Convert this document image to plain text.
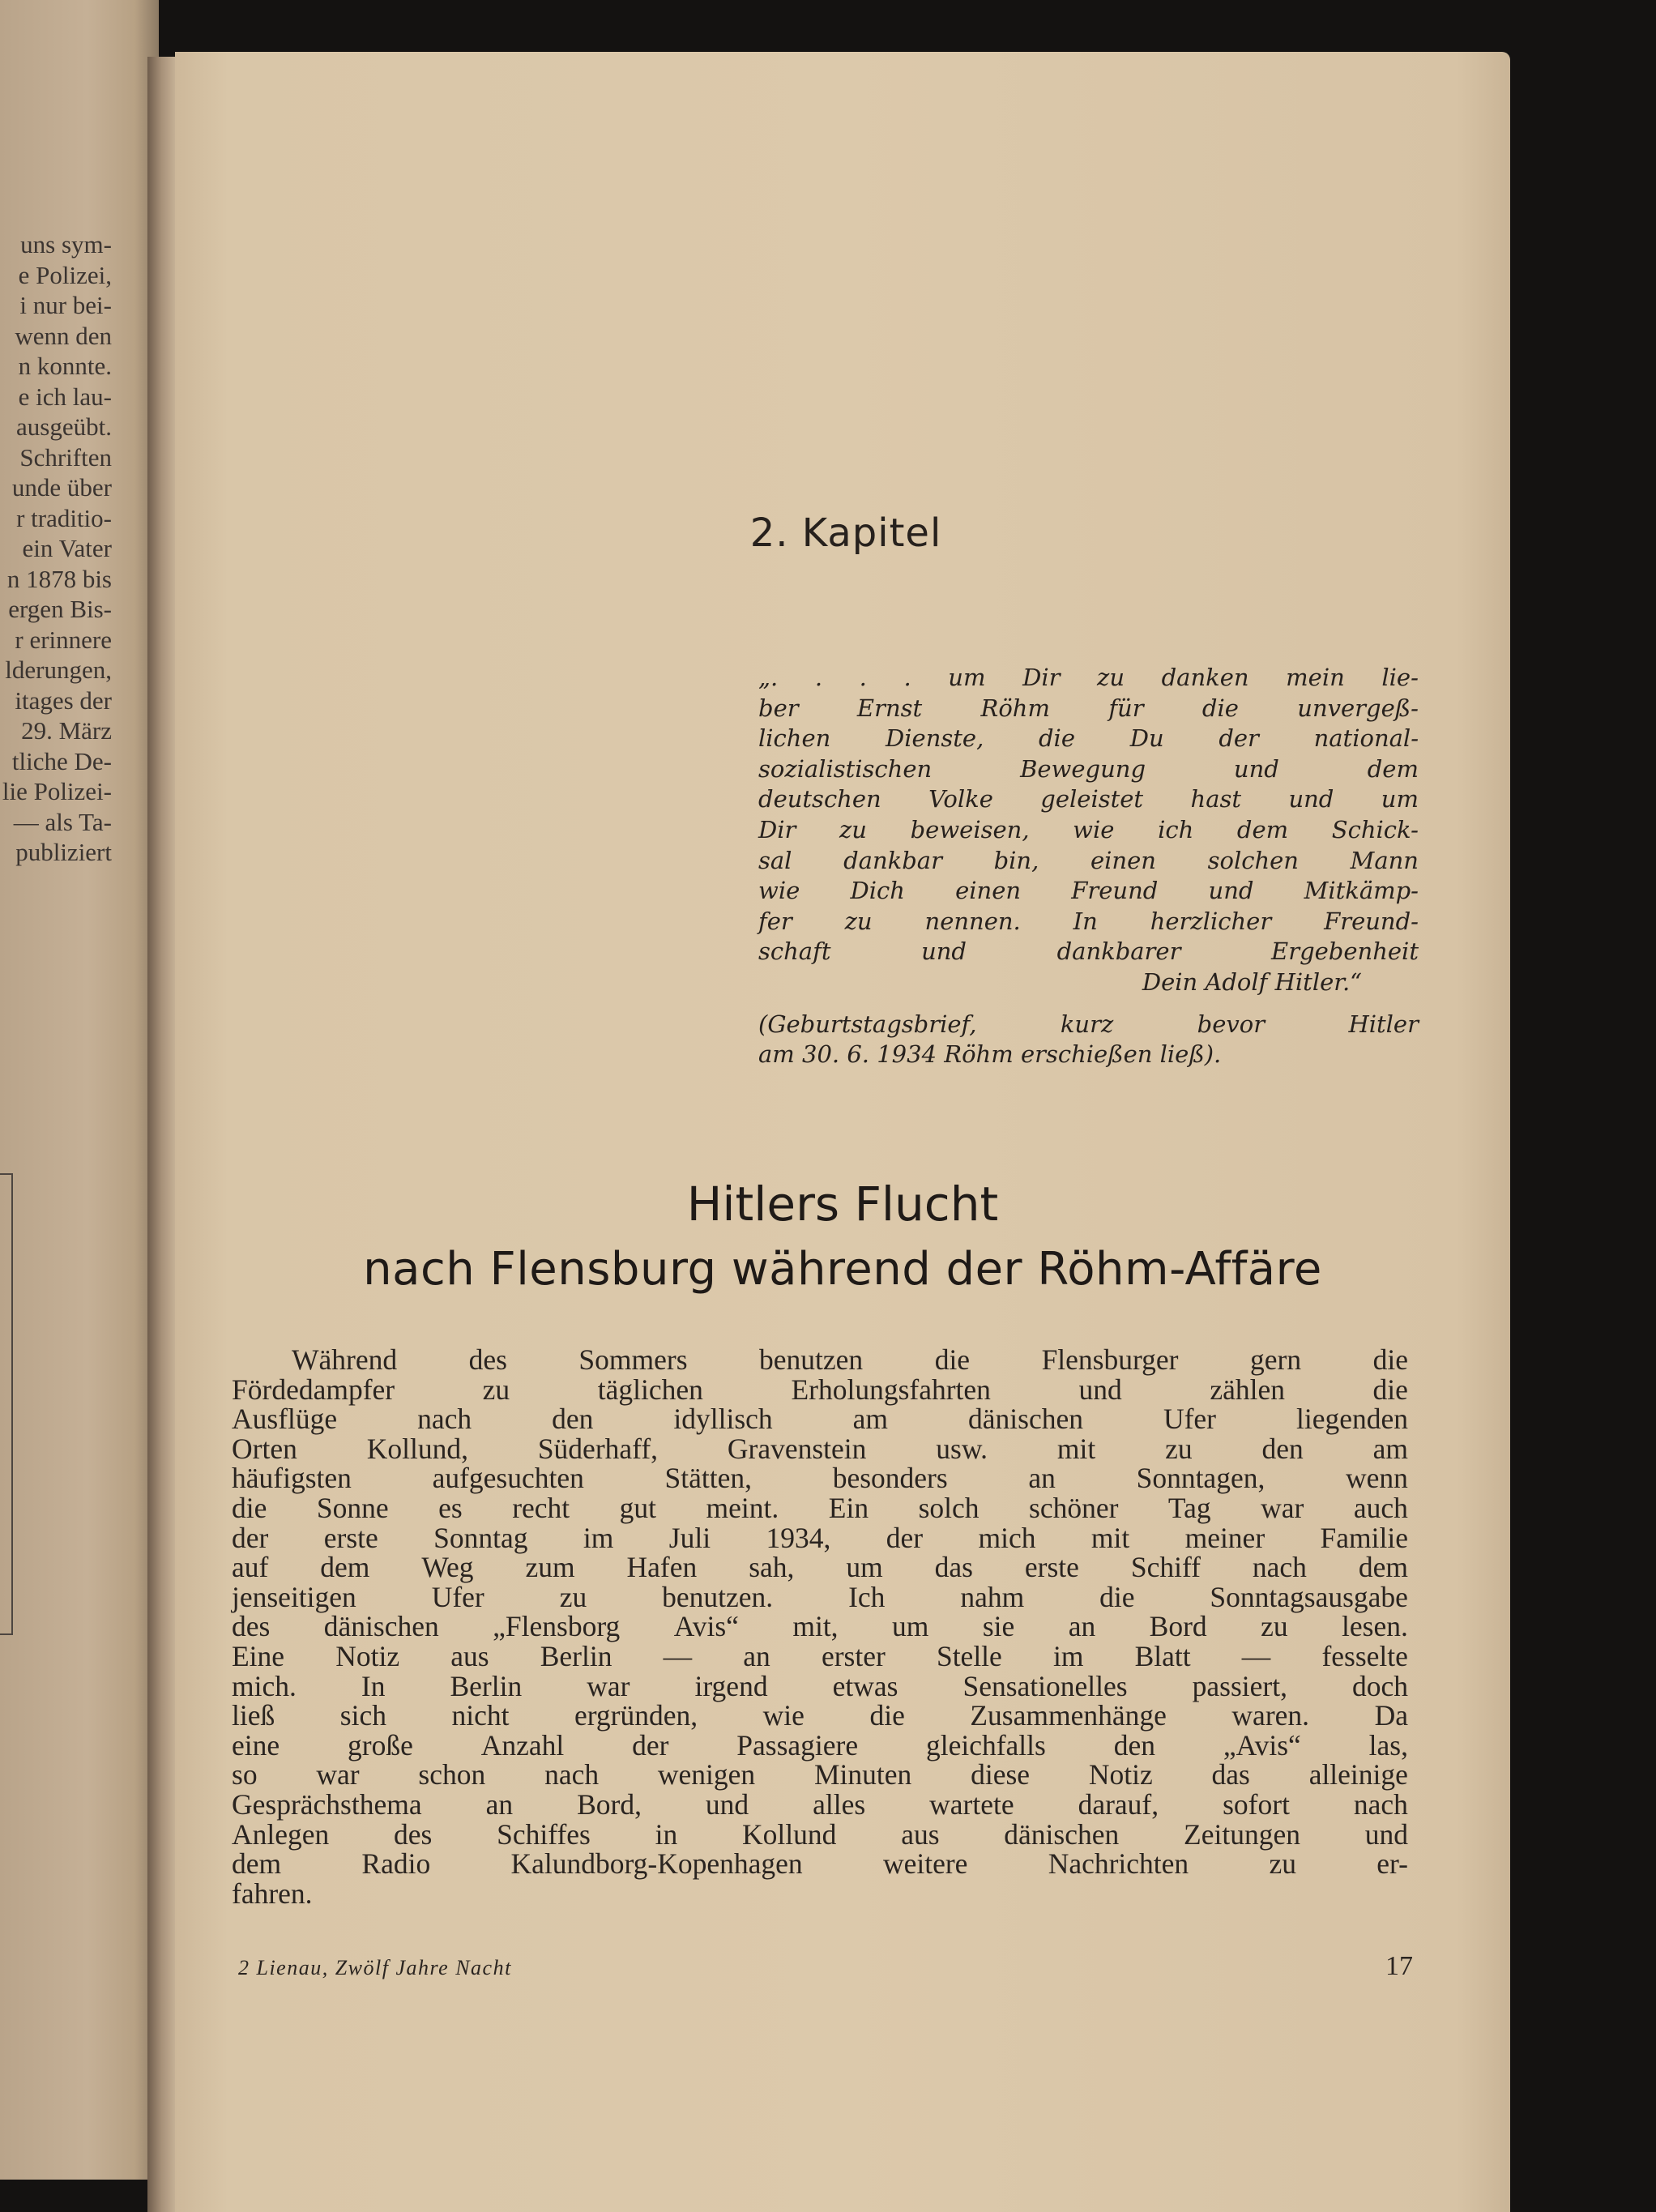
uns sym-
e Polizei,
i nur bei-
wenn den
n konnte.
e ich lau-
ausgeübt.
Schriften
unde über
r traditio-
ein Vater
n 1878 bis
ergen Bis-
r erinnere
lderungen,
itages der
29. März
tliche De-
lie Polizei-
— als Ta-
publiziert
2. Kapitel
„. . . . um Dir zu danken mein lie-
ber Ernst Röhm für die unvergeß-
lichen Dienste, die Du der national-
sozialistischen	Bewegung	und	dem
deutschen Volke geleistet hast und um
Dir zu beweisen, wie ich dem Schick-
sal dankbar bin, einen solchen Mann
wie Dich einen Freund und Mitkämp-
fer zu nennen. In herzlicher Freund-
schaft	und	dankbarer	Ergebenheit
Dein Adolf Hitler.“
(Geburtstagsbrief,	kurz	bevor	Hitler
am 30. 6. 1934 Röhm erschießen ließ).
Hitlers Flucht
nach Flensburg während der Röhm-Affäre
Während des Sommers benutzen die Flensburger gern die
Fördedampfer	zu	täglichen	Erholungsfahrten	und	zählen	die
Ausflüge	nach	den	idyllisch	am	dänischen	Ufer	liegenden
Orten Kollund, Süderhaff, Gravenstein usw. mit zu den am
häufigsten	aufgesuchten	Stätten,	besonders	an	Sonntagen,	wenn
die Sonne es recht gut meint. Ein solch schöner Tag war auch
der erste Sonntag im Juli 1934, der mich mit meiner Familie
auf dem Weg zum Hafen sah, um das erste Schiff nach dem
jenseitigen	Ufer	zu	benutzen.	Ich	nahm	die	Sonntagsausgabe
des dänischen „Flensborg Avis“ mit, um sie an Bord zu lesen.
Eine Notiz aus Berlin — an erster Stelle im Blatt — fesselte
mich. In Berlin war irgend etwas Sensationelles passiert, doch
ließ sich nicht ergründen, wie die Zusammenhänge waren. Da
eine große Anzahl der Passagiere gleichfalls den „Avis“ las,
so war schon nach wenigen Minuten diese Notiz das alleinige
Gesprächsthema an Bord, und alles wartete darauf, sofort nach
Anlegen des Schiffes in Kollund aus dänischen Zeitungen und
dem	Radio	Kalundborg-Kopenhagen	weitere	Nachrichten	zu	er-
fahren.
2 Lienau, Zwölf Jahre Nacht	17
